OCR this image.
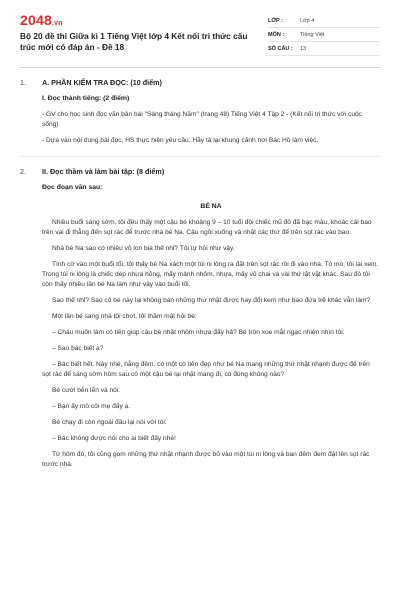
2048.vn
Bộ 20 đề thi Giữa kì 1 Tiếng Việt lớp 4 Kết nối tri thức cấu trúc mới có đáp án - Đề 18
LỚP :	Lớp 4
MÔN :	Tiếng Việt
SỐ CÂU :	13
1.	A. PHẦN KIỂM TRA ĐỌC: (10 điểm)

I. Đọc thành tiếng: (2 điểm)

- GV cho học sinh đọc văn bản bài "Sáng tháng Năm" (trang 48) Tiếng Việt 4 Tập 2 - (Kết nối tri thức với cuộc sống)

- Dựa vào nội dung bài đọc, HS thực hiện yêu cầu: Hãy tả lại khung cảnh nơi Bác Hồ làm việc.

2.	II. Đọc thầm và làm bài tập: (8 điểm)

Đọc đoạn văn sau:

BÉ NA

Nhiều buổi sáng sớm, tôi đều thấy một cậu bé khoảng 9 – 10 tuổi đội chiếc mũ đỏ đã bạc màu, khoác cái bao trên vai đi thẳng đến sọt rác để trước nhà bé Na. Cậu ngồi xuống và nhặt các thứ để trên sọt rác vào bao.

Nhà bé Na sao có nhiều vỏ lon bia thế nhỉ? Tôi tự hỏi như vậy.

Tình cờ vào một buổi tối, tôi thấy bé Na xách một túi ni lông ra đặt trên sọt rác rồi đi vào nhà. Tò mò, tôi lại xem. Trong túi ni lông là chiếc dép nhựa hỏng, mấy mảnh nhôm, nhựa, mấy vỏ chai và vài thứ lặt vặt khác. Sau đó tôi còn thấy nhiều lần bé Na làm như vậy vào buổi tối.

Sao thế nhỉ? Sao cô bé này lại không bán những thứ nhặt được hay đổi kem như bao đứa trẻ khác vẫn làm?

Một lần bé sang nhà tôi chơi, tôi thăm mật hỏi bé:

– Cháu muốn làm có tiền giúp cậu bé nhặt nhôm nhựa đấy hả? Bé tròn xoe mắt ngạc nhiên nhìn tôi:

– Sao bác biết ạ?

– Bác biết hết. Này nhé, hằng đêm, có một cô tiên đẹp như bé Na mang những thứ nhặt nhạnh được để trên sọt rác để sáng sớm hôm sau có một cậu bé lại nhặt mang đi, có đúng không nào?

Bé cười bẽn lẽn và nói:

– Bạn ấy mồ côi mẹ đấy ạ.

Bé chạy đi còn ngoái đầu lại nói với tôi:

– Bác không được nói cho ai biết đấy nhé!

Từ hôm đó, tôi cũng gom những thứ nhặt nhạnh được bỏ vào một túi ni lông và ban đêm đem đặt lên sọt rác trước nhà.
